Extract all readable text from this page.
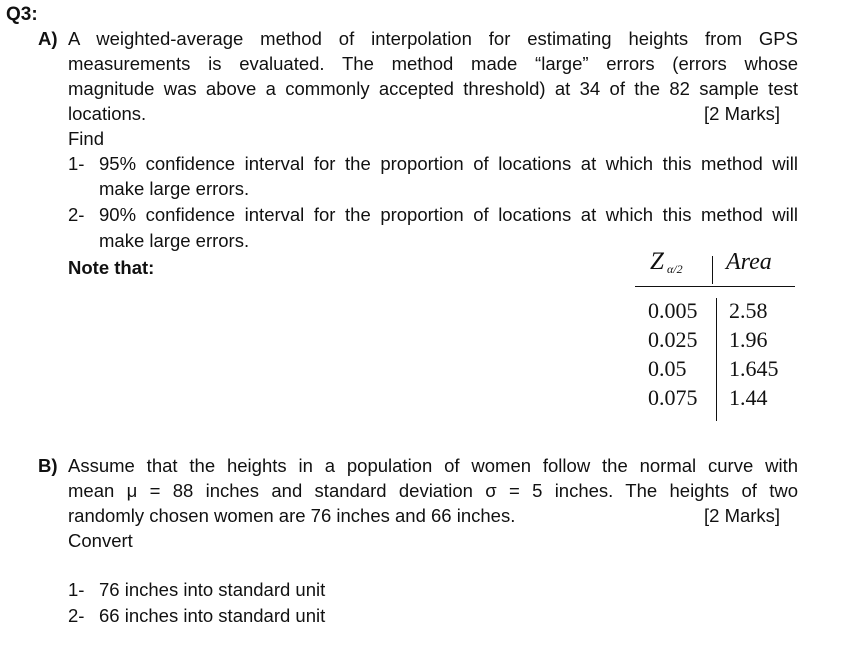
Q3:
A) A weighted-average method of interpolation for estimating heights from GPS
measurements is evaluated. The method made “large” errors (errors whose
magnitude was above a commonly accepted threshold) at 34 of the 82 sample test
locations.	[2 Marks]
Find
1- 95% confidence interval for the proportion of locations at which this method will
make large errors.
2- 90% confidence interval for the proportion of locations at which this method will
make large errors.
Note that:	Z α/2 Area
0.005 2.58
0.025 1.96
0.05 1.645
0.075 1.44
B) Assume that the heights in a population of women follow the normal curve with
mean μ = 88 inches and standard deviation σ = 5 inches. The heights of two
randomly chosen women are 76 inches and 66 inches.	[2 Marks]
Convert
1- 76 inches into standard unit
2- 66 inches into standard unit
